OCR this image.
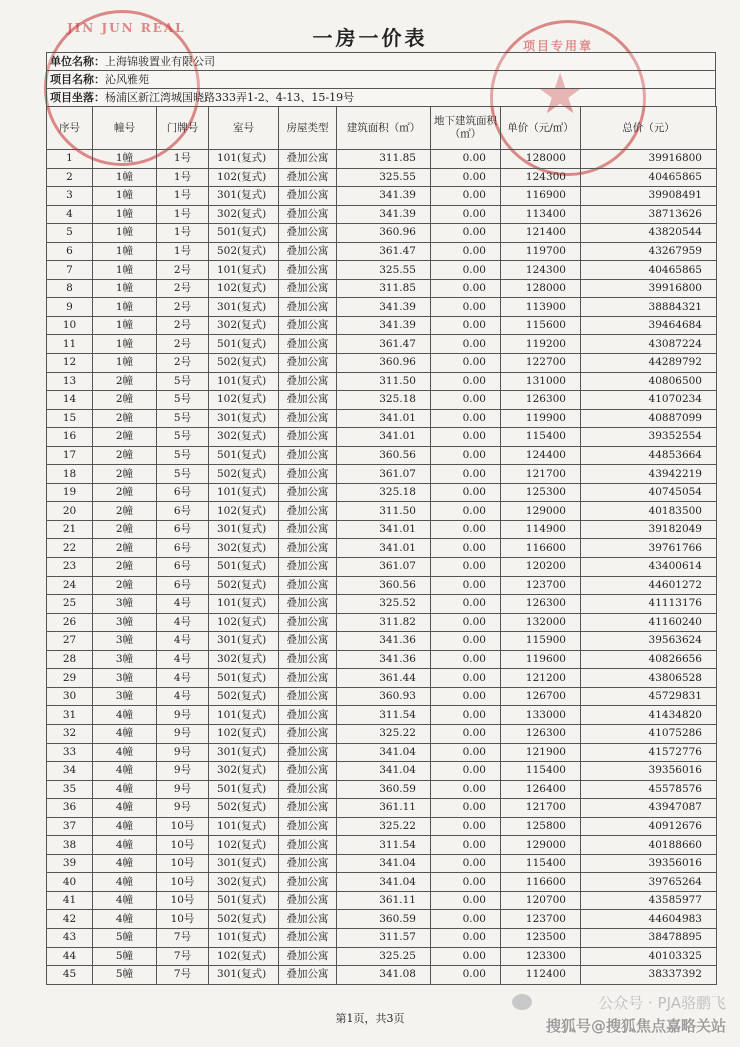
JIN JUN REAL
项目专用章
★
一房一价表
单位名称：上海锦骏置业有限公司
项目名称：沁风雅苑
项目坐落：杨浦区新江湾城国晓路333弄1-2、4-13、15-19号
序号	幢号	门牌号	室号	房屋类型	建筑面积（㎡）	地下建筑面积（㎡）	单价（元/㎡）	总价（元）
1	1幢	1号	101(复式)	叠加公寓	311.85	0.00	128000	39916800
2	1幢	1号	102(复式)	叠加公寓	325.55	0.00	124300	40465865
3	1幢	1号	301(复式)	叠加公寓	341.39	0.00	116900	39908491
4	1幢	1号	302(复式)	叠加公寓	341.39	0.00	113400	38713626
5	1幢	1号	501(复式)	叠加公寓	360.96	0.00	121400	43820544
6	1幢	1号	502(复式)	叠加公寓	361.47	0.00	119700	43267959
7	1幢	2号	101(复式)	叠加公寓	325.55	0.00	124300	40465865
8	1幢	2号	102(复式)	叠加公寓	311.85	0.00	128000	39916800
9	1幢	2号	301(复式)	叠加公寓	341.39	0.00	113900	38884321
10	1幢	2号	302(复式)	叠加公寓	341.39	0.00	115600	39464684
11	1幢	2号	501(复式)	叠加公寓	361.47	0.00	119200	43087224
12	1幢	2号	502(复式)	叠加公寓	360.96	0.00	122700	44289792
13	2幢	5号	101(复式)	叠加公寓	311.50	0.00	131000	40806500
14	2幢	5号	102(复式)	叠加公寓	325.18	0.00	126300	41070234
15	2幢	5号	301(复式)	叠加公寓	341.01	0.00	119900	40887099
16	2幢	5号	302(复式)	叠加公寓	341.01	0.00	115400	39352554
17	2幢	5号	501(复式)	叠加公寓	360.56	0.00	124400	44853664
18	2幢	5号	502(复式)	叠加公寓	361.07	0.00	121700	43942219
19	2幢	6号	101(复式)	叠加公寓	325.18	0.00	125300	40745054
20	2幢	6号	102(复式)	叠加公寓	311.50	0.00	129000	40183500
21	2幢	6号	301(复式)	叠加公寓	341.01	0.00	114900	39182049
22	2幢	6号	302(复式)	叠加公寓	341.01	0.00	116600	39761766
23	2幢	6号	501(复式)	叠加公寓	361.07	0.00	120200	43400614
24	2幢	6号	502(复式)	叠加公寓	360.56	0.00	123700	44601272
25	3幢	4号	101(复式)	叠加公寓	325.52	0.00	126300	41113176
26	3幢	4号	102(复式)	叠加公寓	311.82	0.00	132000	41160240
27	3幢	4号	301(复式)	叠加公寓	341.36	0.00	115900	39563624
28	3幢	4号	302(复式)	叠加公寓	341.36	0.00	119600	40826656
29	3幢	4号	501(复式)	叠加公寓	361.44	0.00	121200	43806528
30	3幢	4号	502(复式)	叠加公寓	360.93	0.00	126700	45729831
31	4幢	9号	101(复式)	叠加公寓	311.54	0.00	133000	41434820
32	4幢	9号	102(复式)	叠加公寓	325.22	0.00	126300	41075286
33	4幢	9号	301(复式)	叠加公寓	341.04	0.00	121900	41572776
34	4幢	9号	302(复式)	叠加公寓	341.04	0.00	115400	39356016
35	4幢	9号	501(复式)	叠加公寓	360.59	0.00	126400	45578576
36	4幢	9号	502(复式)	叠加公寓	361.11	0.00	121700	43947087
37	4幢	10号	101(复式)	叠加公寓	325.22	0.00	125800	40912676
38	4幢	10号	102(复式)	叠加公寓	311.54	0.00	129000	40188660
39	4幢	10号	301(复式)	叠加公寓	341.04	0.00	115400	39356016
40	4幢	10号	302(复式)	叠加公寓	341.04	0.00	116600	39765264
41	4幢	10号	501(复式)	叠加公寓	361.11	0.00	120700	43585977
42	4幢	10号	502(复式)	叠加公寓	360.59	0.00	123700	44604983
43	5幢	7号	101(复式)	叠加公寓	311.57	0.00	123500	38478895
44	5幢	7号	102(复式)	叠加公寓	325.25	0.00	123300	40103325
45	5幢	7号	301(复式)	叠加公寓	341.08	0.00	112400	38337392
第1页，共3页
公众号 · PJA骆鹏飞
搜狐号@搜狐焦点嘉略关站
